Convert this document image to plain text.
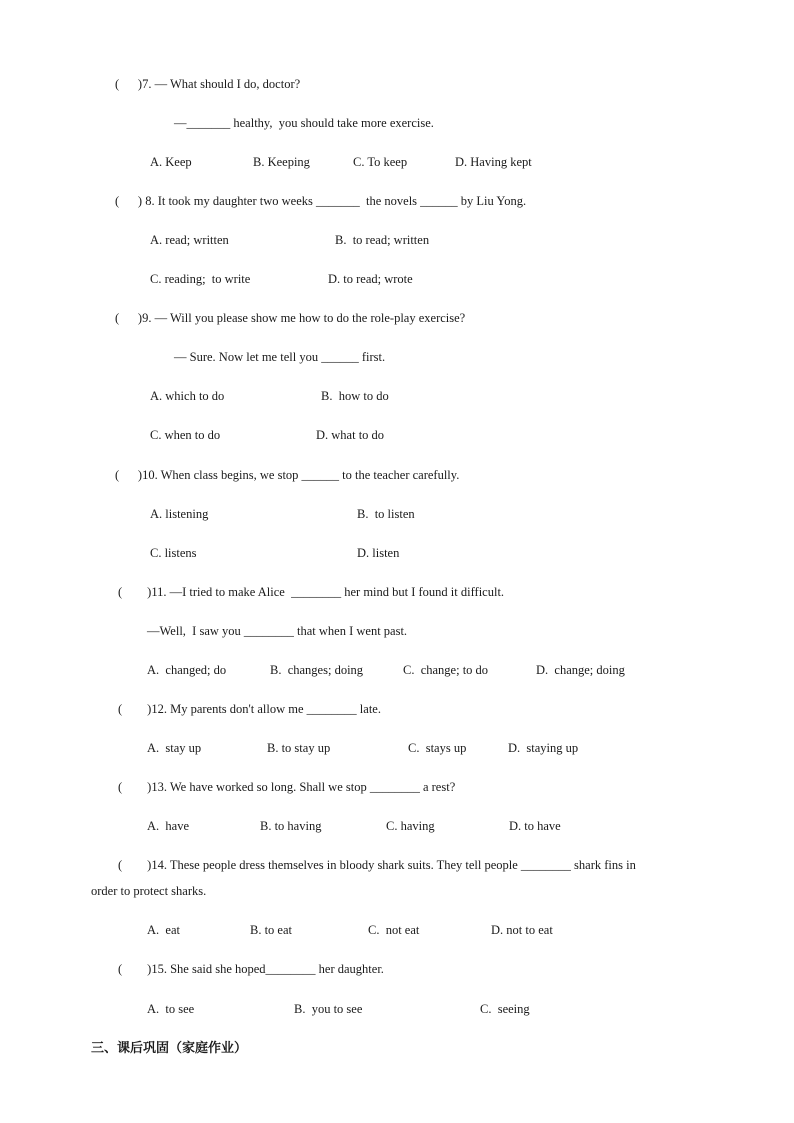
(      )7. — What should I do, doctor?
—_______ healthy,  you should take more exercise.
A. Keep	B. Keeping	C. To keep	D. Having kept
(      ) 8. It took my daughter two weeks _______  the novels ______ by Liu Yong.
A. read; written	B.  to read; written
C. reading;  to write	D. to read; wrote
(      )9. — Will you please show me how to do the role-play exercise?
— Sure. Now let me tell you ______ first.
A. which to do	B.  how to do
C. when to do	D. what to do
(      )10. When class begins, we stop ______ to the teacher carefully.
A. listening	B.  to listen
C. listens	D. listen
(        )11. —I tried to make Alice  ________ her mind but I found it difficult.
—Well,  I saw you ________ that when I went past.
A.  changed; do	B.  changes; doing	C.  change; to do	D.  change; doing
(        )12. My parents don't allow me ________ late.
A.  stay up	B. to stay up	C.  stays up	D.  staying up
(        )13. We have worked so long. Shall we stop ________ a rest?
A.  have	B. to having	C. having	D. to have
(        )14. These people dress themselves in bloody shark suits. They tell people ________ shark fins in
order to protect sharks.
A.  eat	B. to eat	C.  not eat	D. not to eat
(        )15. She said she hoped________ her daughter.
A.  to see	B.  you to see	C.  seeing
三、课后巩固（家庭作业）
